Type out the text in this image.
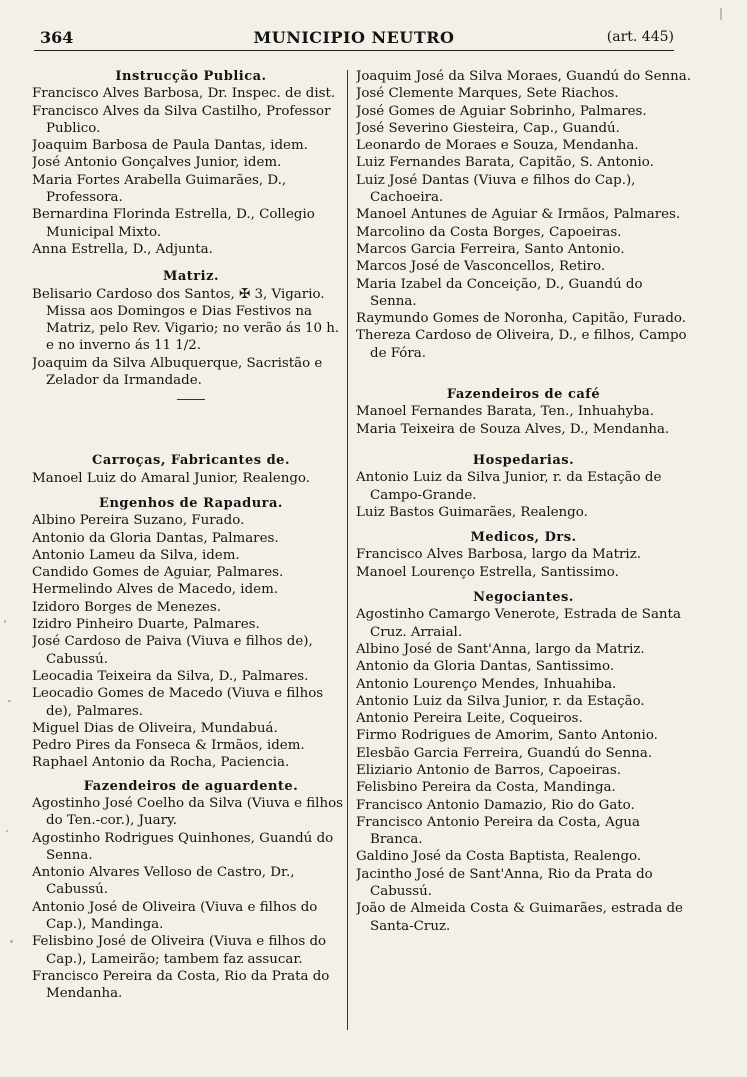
364	MUNICIPIO NEUTRO	(art. 445)
Instrucção Publica.
Francisco Alves Barbosa, Dr. Inspec. de dist.
Francisco Alves da Silva Castilho, Professor Publico.
Joaquim Barbosa de Paula Dantas, idem.
José Antonio Gonçalves Junior, idem.
Maria Fortes Arabella Guimarães, D., Professora.
Bernardina Florinda Estrella, D., Collegio Municipal Mixto.
Anna Estrella, D., Adjunta.
Matriz.
Belisario Cardoso dos Santos, ✠ 3, Vigario. Missa aos Domingos e Dias Festivos na Matriz, pelo Rev. Vigario; no verão ás 10 h. e no inverno ás 11 1/2.
Joaquim da Silva Albuquerque, Sacristão e Zelador da Irmandade.
Carroças, Fabricantes de.
Manoel Luiz do Amaral Junior, Realengo.
Engenhos de Rapadura.
Albino Pereira Suzano, Furado.
Antonio da Gloria Dantas, Palmares.
Antonio Lameu da Silva, idem.
Candido Gomes de Aguiar, Palmares.
Hermelindo Alves de Macedo, idem.
Izidoro Borges de Menezes.
Izidro Pinheiro Duarte, Palmares.
José Cardoso de Paiva (Viuva e filhos de), Cabussú.
Leocadia Teixeira da Silva, D., Palmares.
Leocadio Gomes de Macedo (Viuva e filhos de), Palmares.
Miguel Dias de Oliveira, Mundabuá.
Pedro Pires da Fonseca & Irmãos, idem.
Raphael Antonio da Rocha, Paciencia.
Fazendeiros de aguardente.
Agostinho José Coelho da Silva (Viuva e filhos do Ten.-cor.), Juary.
Agostinho Rodrigues Quinhones, Guandú do Senna.
Antonio Alvares Velloso de Castro, Dr., Cabussú.
Antonio José de Oliveira (Viuva e filhos do Cap.), Mandinga.
Felisbino José de Oliveira (Viuva e filhos do Cap.), Lameirão; tambem faz assucar.
Francisco Pereira da Costa, Rio da Prata do Mendanha.
Joaquim José da Silva Moraes, Guandú do Senna.
José Clemente Marques, Sete Riachos.
José Gomes de Aguiar Sobrinho, Palmares.
José Severino Giesteira, Cap., Guandú.
Leonardo de Moraes e Souza, Mendanha.
Luiz Fernandes Barata, Capitão, S. Antonio.
Luiz José Dantas (Viuva e filhos do Cap.), Cachoeira.
Manoel Antunes de Aguiar & Irmãos, Palmares.
Marcolino da Costa Borges, Capoeiras.
Marcos Garcia Ferreira, Santo Antonio.
Marcos José de Vasconcellos, Retiro.
Maria Izabel da Conceição, D., Guandú do Senna.
Raymundo Gomes de Noronha, Capitão, Furado.
Thereza Cardoso de Oliveira, D., e filhos, Campo de Fóra.
Fazendeiros de café
Manoel Fernandes Barata, Ten., Inhuahyba.
Maria Teixeira de Souza Alves, D., Mendanha.
Hospedarias.
Antonio Luiz da Silva Junior, r. da Estação de Campo-Grande.
Luiz Bastos Guimarães, Realengo.
Medicos, Drs.
Francisco Alves Barbosa, largo da Matriz.
Manoel Lourenço Estrella, Santissimo.
Negociantes.
Agostinho Camargo Venerote, Estrada de Santa Cruz. Arraial.
Albino José de Sant'Anna, largo da Matriz.
Antonio da Gloria Dantas, Santissimo.
Antonio Lourenço Mendes, Inhuahiba.
Antonio Luiz da Silva Junior, r. da Estação.
Antonio Pereira Leite, Coqueiros.
Firmo Rodrigues de Amorim, Santo Antonio.
Elesbão Garcia Ferreira, Guandú do Senna.
Eliziario Antonio de Barros, Capoeiras.
Felisbino Pereira da Costa, Mandinga.
Francisco Antonio Damazio, Rio do Gato.
Francisco Antonio Pereira da Costa, Agua Branca.
Galdino José da Costa Baptista, Realengo.
Jacintho José de Sant'Anna, Rio da Prata do Cabussú.
João de Almeida Costa & Guimarães, estrada de Santa-Cruz.
